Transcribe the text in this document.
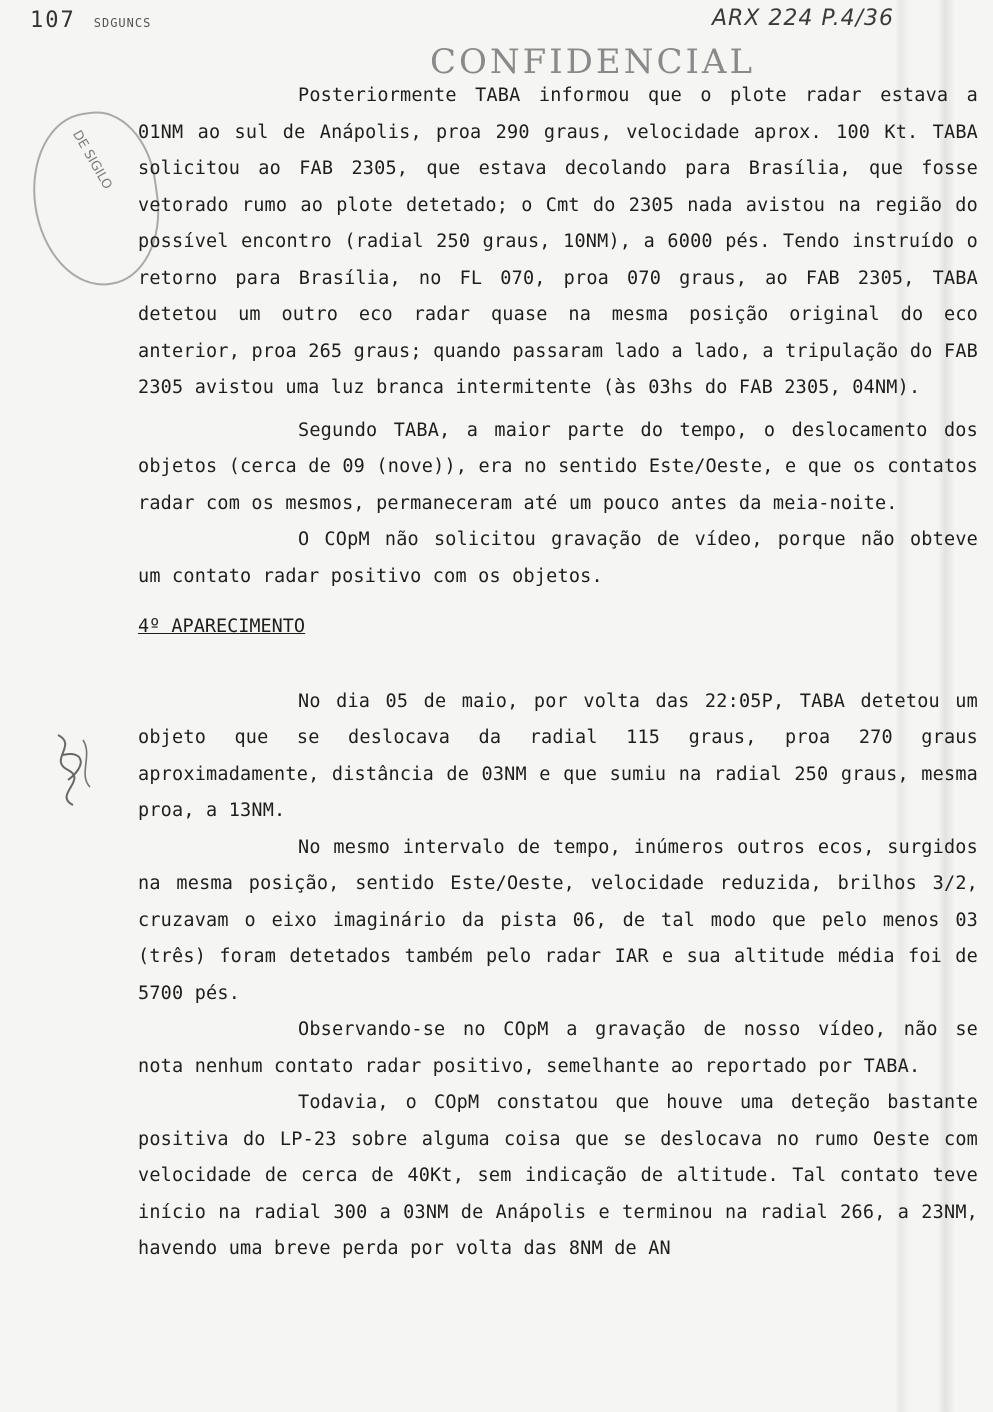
107 SDGUNCS	ARX 224 P.4/36
CONFIDENCIAL
DE SIGILO

Posteriormente TABA informou que o plote radar estava a 01NM ao sul de Anápolis, proa 290 graus, velocidade aprox. 100 Kt. TABA solicitou ao FAB 2305, que estava decolando para Brasília, que fosse vetorado rumo ao plote detetado; o Cmt do 2305 nada avistou na região do possível encontro (radial 250 graus, 10NM), a 6000 pés. Tendo instruído o retorno para Brasília, no FL 070, proa 070 graus, ao FAB 2305, TABA detetou um outro eco radar quase na mesma posição original do eco anterior, proa 265 graus; quando passaram lado a lado, a tripulação do FAB 2305 avistou uma luz branca intermitente (às 03hs do FAB 2305, 04NM).

Segundo TABA, a maior parte do tempo, o deslocamento dos objetos (cerca de 09 (nove)), era no sentido Este/Oeste, e que os contatos radar com os mesmos, permaneceram até um pouco antes da meia-noite.

O COpM não solicitou gravação de vídeo, porque não obteve um contato radar positivo com os objetos.

4º APARECIMENTO

No dia 05 de maio, por volta das 22:05P, TABA detetou um objeto que se deslocava da radial 115 graus, proa 270 graus aproximadamente, distância de 03NM e que sumiu na radial 250 graus, mesma proa, a 13NM.

No mesmo intervalo de tempo, inúmeros outros ecos, surgidos na mesma posição, sentido Este/Oeste, velocidade reduzida, brilhos 3/2, cruzavam o eixo imaginário da pista 06, de tal modo que pelo menos 03 (três) foram detetados também pelo radar IAR e sua altitude média foi de 5700 pés.

Observando-se no COpM a gravação de nosso vídeo, não se nota nenhum contato radar positivo, semelhante ao reportado por TABA.

Todavia, o COpM constatou que houve uma deteção bastante positiva do LP-23 sobre alguma coisa que se deslocava no rumo Oeste com velocidade de cerca de 40Kt, sem indicação de altitude. Tal contato teve início na radial 300 a 03NM de Anápolis e terminou na radial 266, a 23NM, havendo uma breve perda por volta das 8NM de AN
